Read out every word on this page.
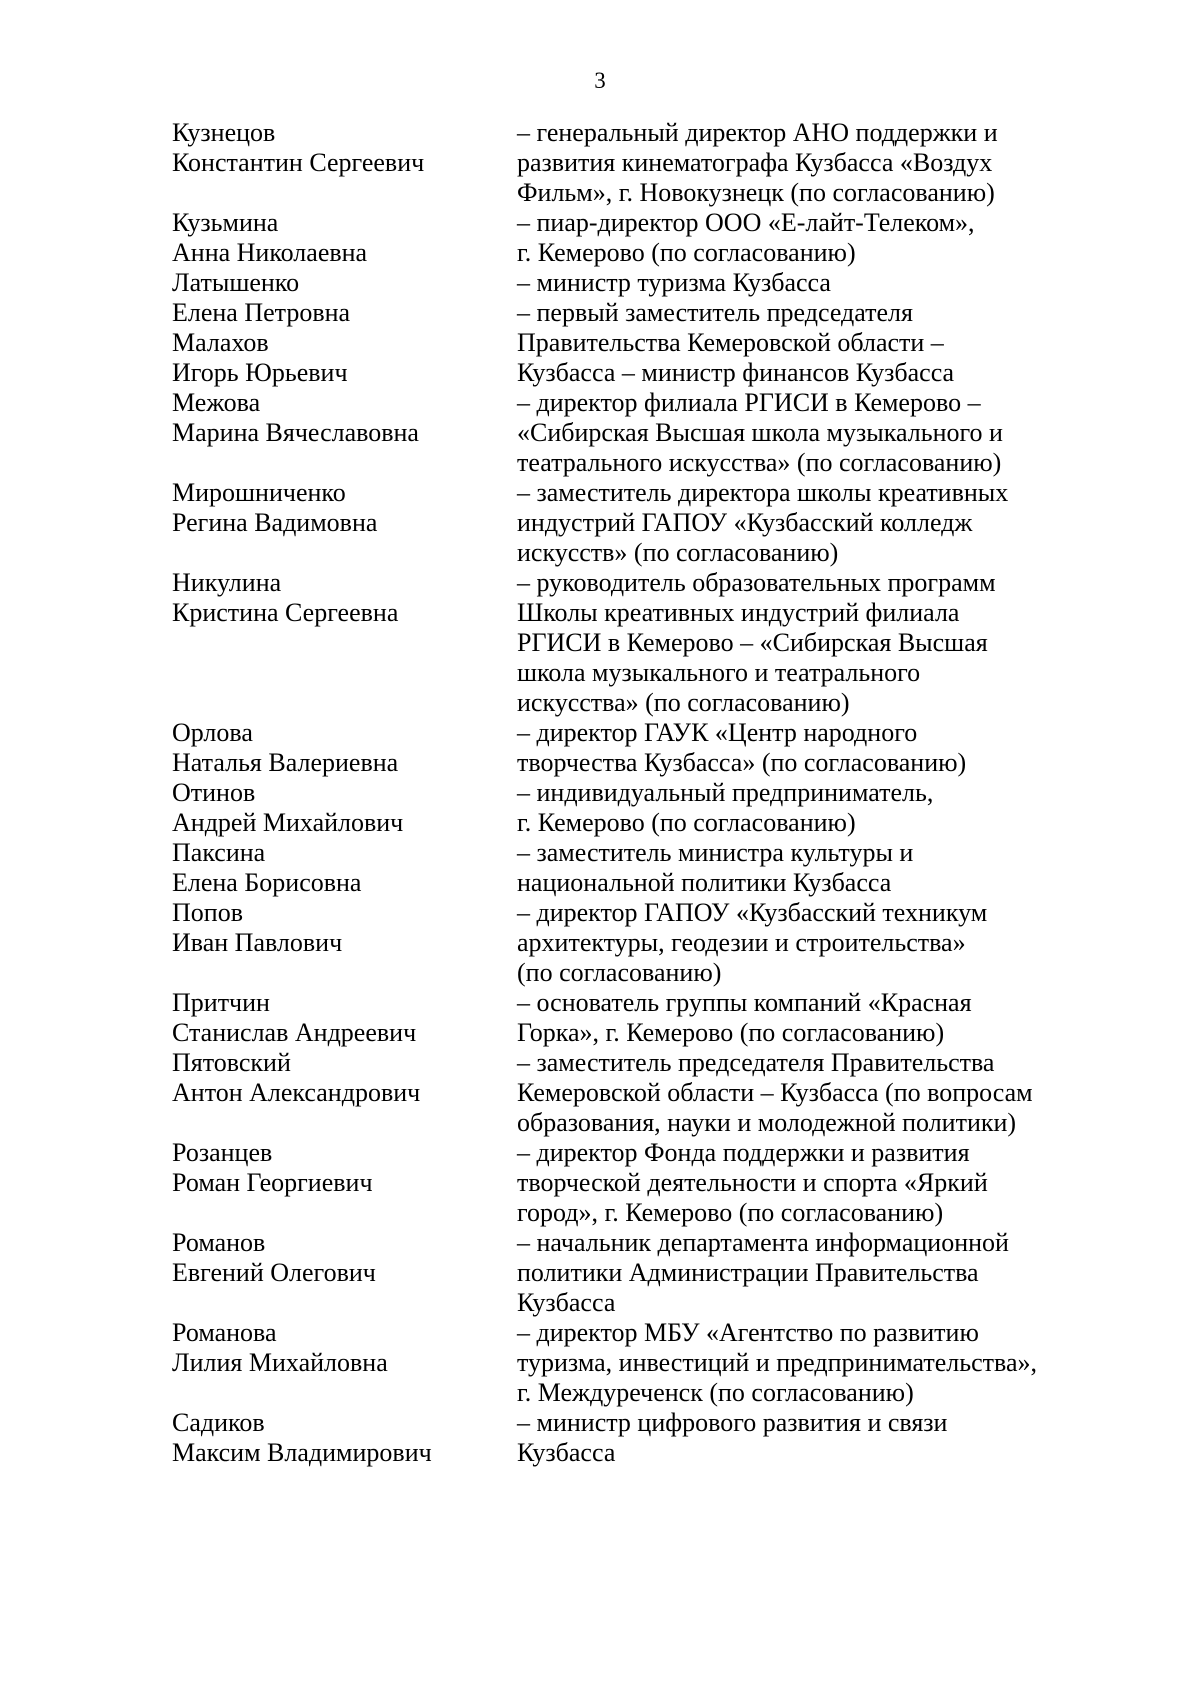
3
Кузнецов	– генеральный директор АНО поддержки и
Константин Сергеевич	развития кинематографа Кузбасса «Воздух
Фильм», г. Новокузнецк (по согласованию)
Кузьмина	– пиар-директор ООО «Е-лайт-Телеком»,
Анна Николаевна	г. Кемерово (по согласованию)
Латышенко	– министр туризма Кузбасса
Елена Петровна	– первый заместитель председателя
Малахов	Правительства Кемеровской области –
Игорь Юрьевич	Кузбасса – министр финансов Кузбасса
Межова	– директор филиала РГИСИ в Кемерово –
Марина Вячеславовна	«Сибирская Высшая школа музыкального и
театрального искусства» (по согласованию)
Мирошниченко	– заместитель директора школы креативных
Регина Вадимовна	индустрий ГАПОУ «Кузбасский колледж
искусств» (по согласованию)
Никулина	– руководитель образовательных программ
Кристина Сергеевна	Школы креативных индустрий филиала
РГИСИ в Кемерово – «Сибирская Высшая
школа музыкального и театрального
искусства» (по согласованию)
Орлова	– директор ГАУК «Центр народного
Наталья Валериевна	творчества Кузбасса» (по согласованию)
Отинов	– индивидуальный предприниматель,
Андрей Михайлович	г. Кемерово (по согласованию)
Паксина	– заместитель министра культуры и
Елена Борисовна	национальной политики Кузбасса
Попов	– директор ГАПОУ «Кузбасский техникум
Иван Павлович	архитектуры, геодезии и строительства»
(по согласованию)
Притчин	– основатель группы компаний «Красная
Станислав Андреевич	Горка», г. Кемерово (по согласованию)
Пятовский	– заместитель председателя Правительства
Антон Александрович	Кемеровской области – Кузбасса (по вопросам
образования, науки и молодежной политики)
Розанцев	– директор Фонда поддержки и развития
Роман Георгиевич	творческой деятельности и спорта «Яркий
город», г. Кемерово (по согласованию)
Романов	– начальник департамента информационной
Евгений Олегович	политики Администрации Правительства
Кузбасса
Романова	– директор МБУ «Агентство по развитию
Лилия Михайловна	туризма, инвестиций и предпринимательства»,
г. Междуреченск (по согласованию)
Садиков	– министр цифрового развития и связи
Максим Владимирович	Кузбасса
